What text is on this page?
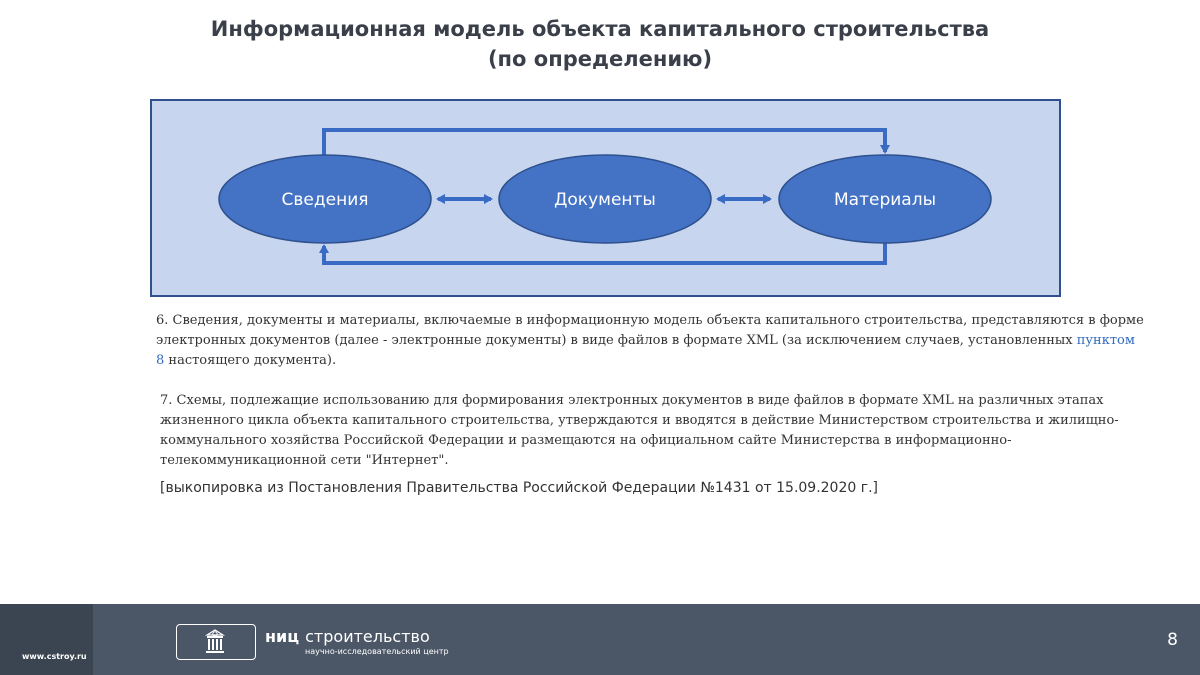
Информационная модель объекта капитального строительства
(по определению)
Сведения	Документы	Материалы

6. Сведения, документы и материалы, включаемые в информационную модель объекта капитального строительства, представляются в форме электронных документов (далее - электронные документы) в виде файлов в формате XML (за исключением случаев, установленных пунктом 8 настоящего документа).

7. Схемы, подлежащие использованию для формирования электронных документов в виде файлов в формате XML на различных этапах жизненного цикла объекта капитального строительства, утверждаются и вводятся в действие Министерством строительства и жилищно-коммунального хозяйства Российской Федерации и размещаются на официальном сайте Министерства в информационно-телекоммуникационной сети "Интернет".

[выкопировка из Постановления Правительства Российской Федерации №1431 от 15.09.2020 г.]
www.cstroy.ru
ниц строительство
научно-исследовательский центр
8
